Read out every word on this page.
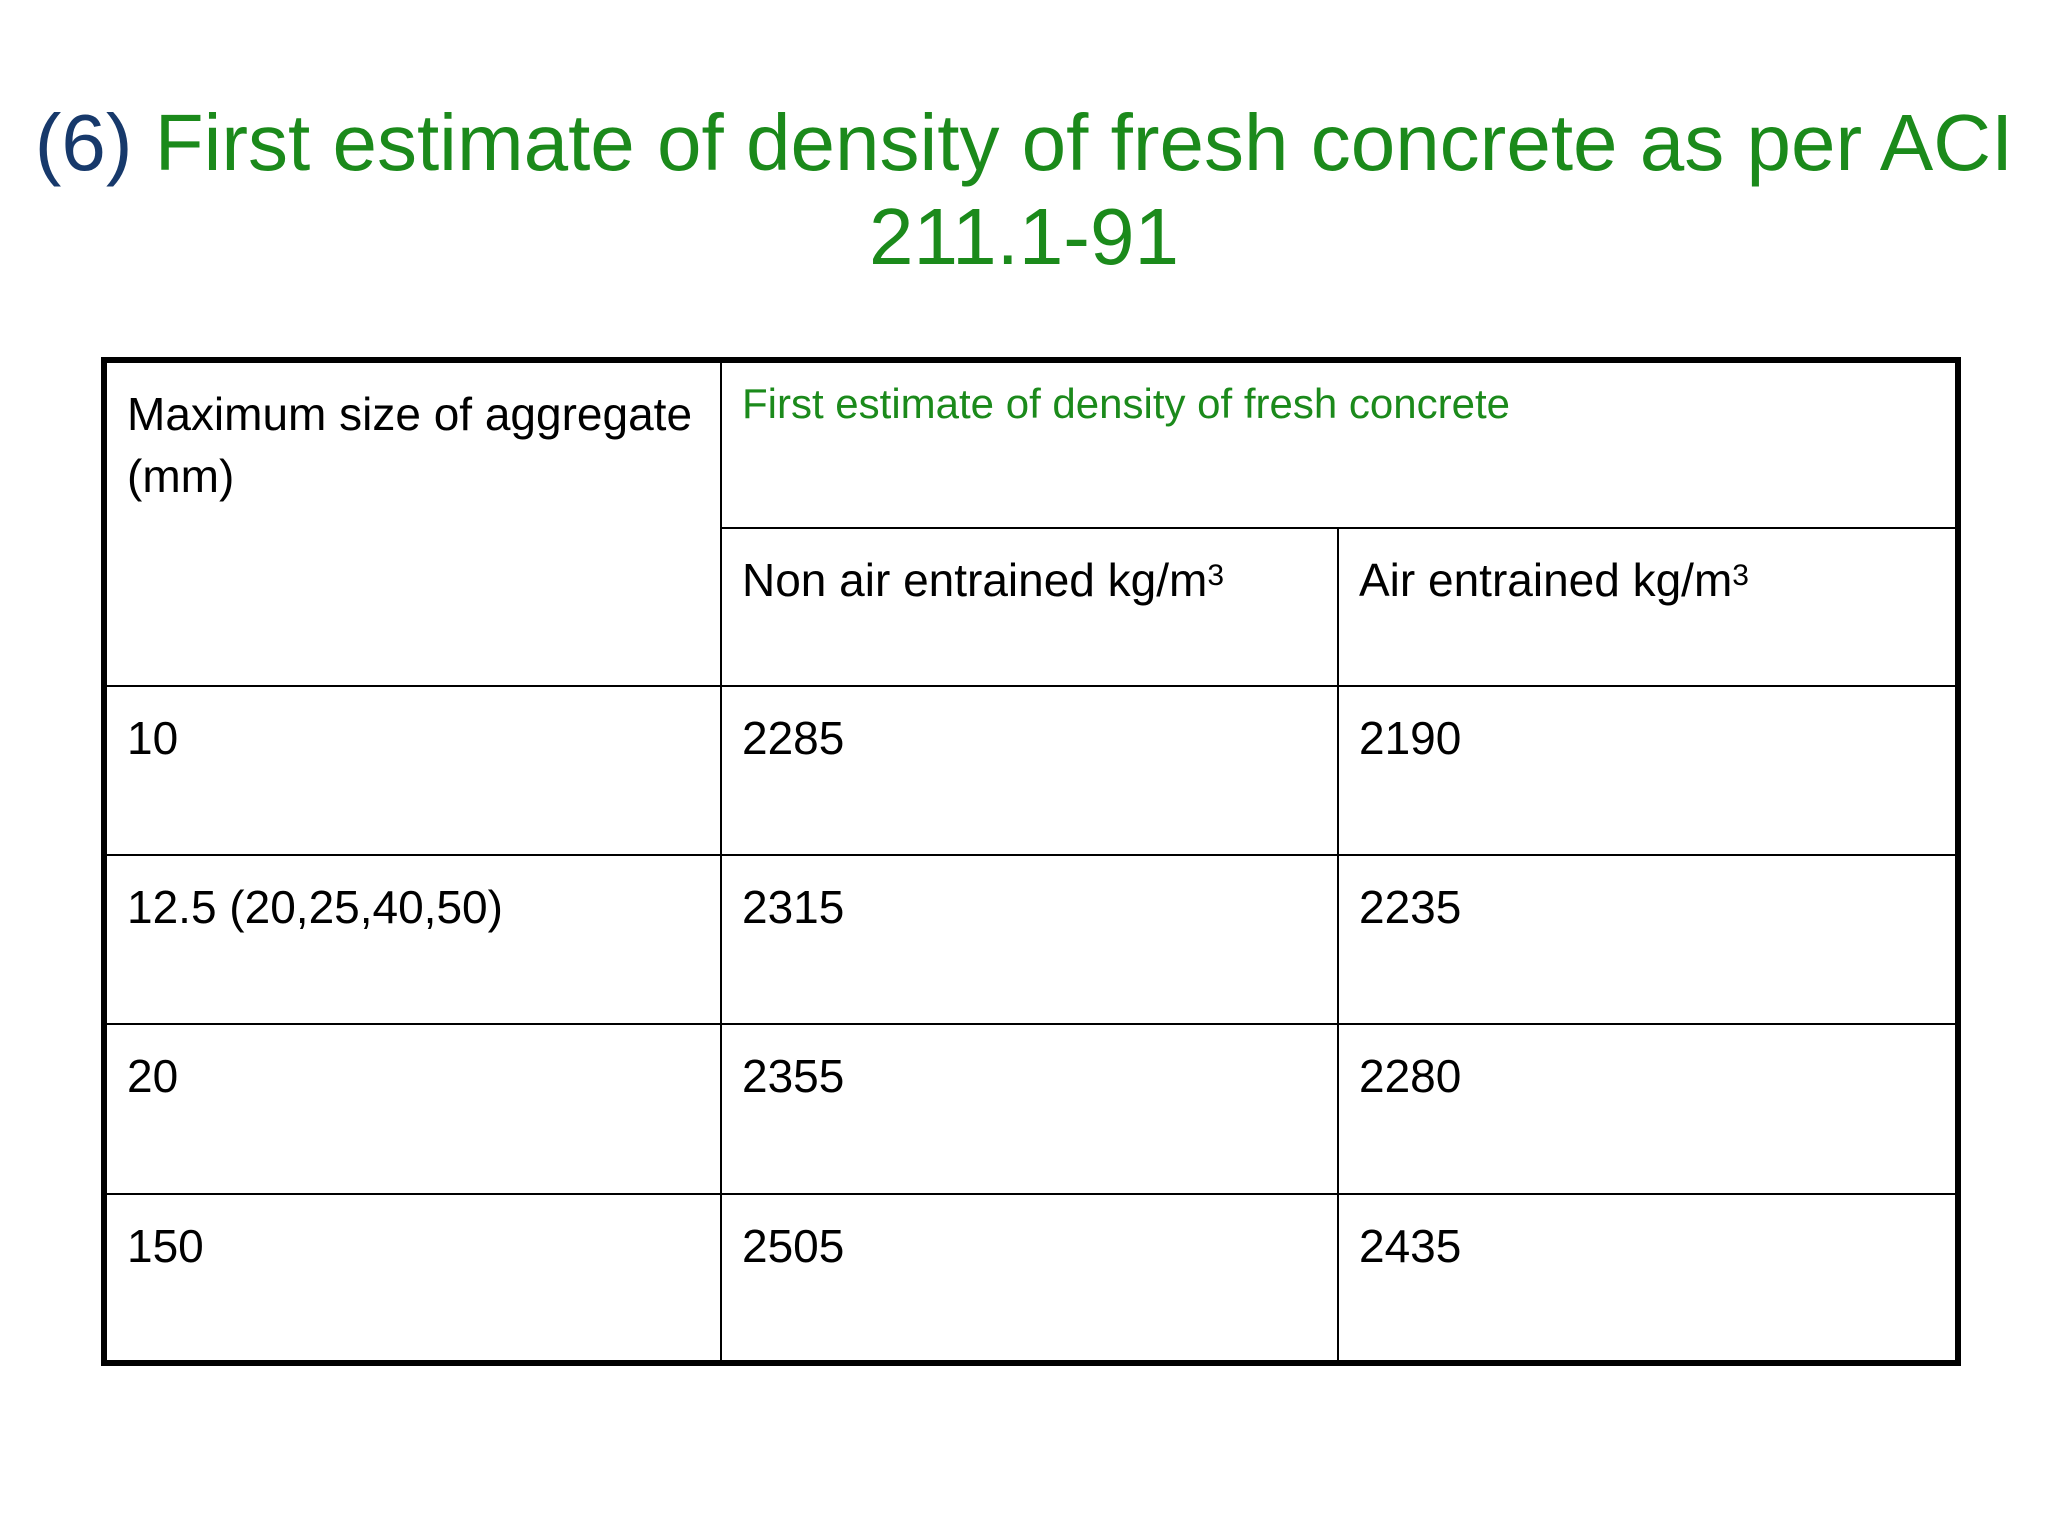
(6) First estimate of density of fresh concrete as per ACI 211.1-91
Maximum size of aggregate (mm)	First estimate of density of fresh concrete	
	Non air entrained $kg/m^3$	Air entrained $kg/m^3$
10	2285	2190
12.5 (20,25,40,50)	2315	2235
20	2355	2280
150	2505	2435
